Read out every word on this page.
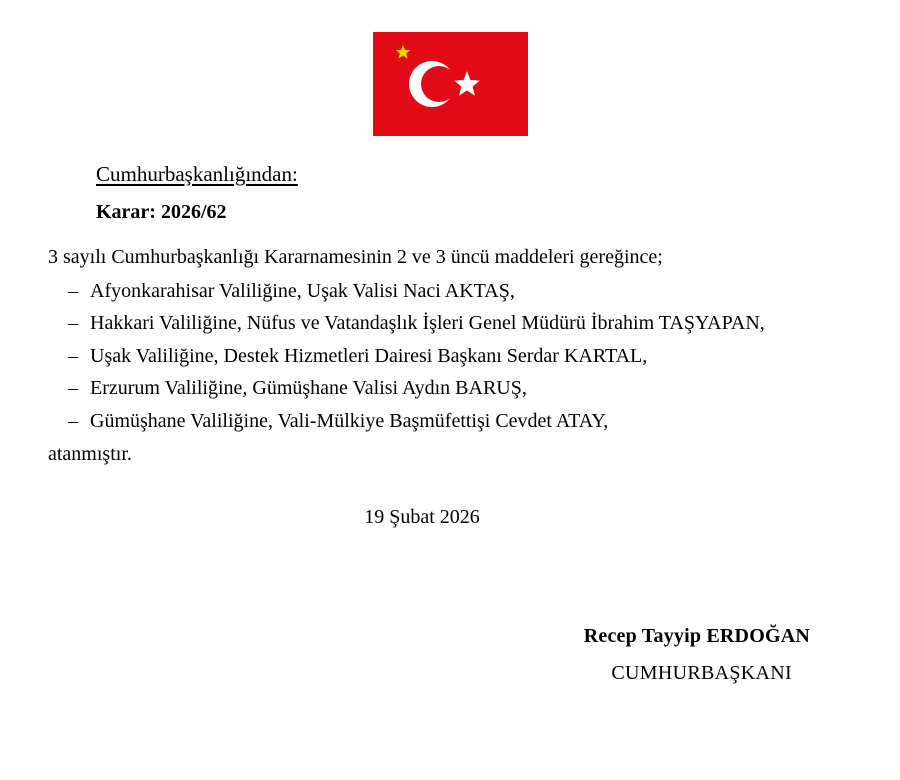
Cumhurbaşkanlığından:
Karar: 2026/62
3 sayılı Cumhurbaşkanlığı Kararnamesinin 2 ve 3 üncü maddeleri gereğince;
– Afyonkarahisar Valiliğine, Uşak Valisi Naci AKTAŞ,
– Hakkari Valiliğine, Nüfus ve Vatandaşlık İşleri Genel Müdürü İbrahim TAŞYAPAN,
– Uşak Valiliğine, Destek Hizmetleri Dairesi Başkanı Serdar KARTAL,
– Erzurum Valiliğine, Gümüşhane Valisi Aydın BARUŞ,
– Gümüşhane Valiliğine, Vali-Mülkiye Başmüfettişi Cevdet ATAY,
atanmıştır.
19 Şubat 2026
Recep Tayyip ERDOĞAN
CUMHURBAŞKANI
